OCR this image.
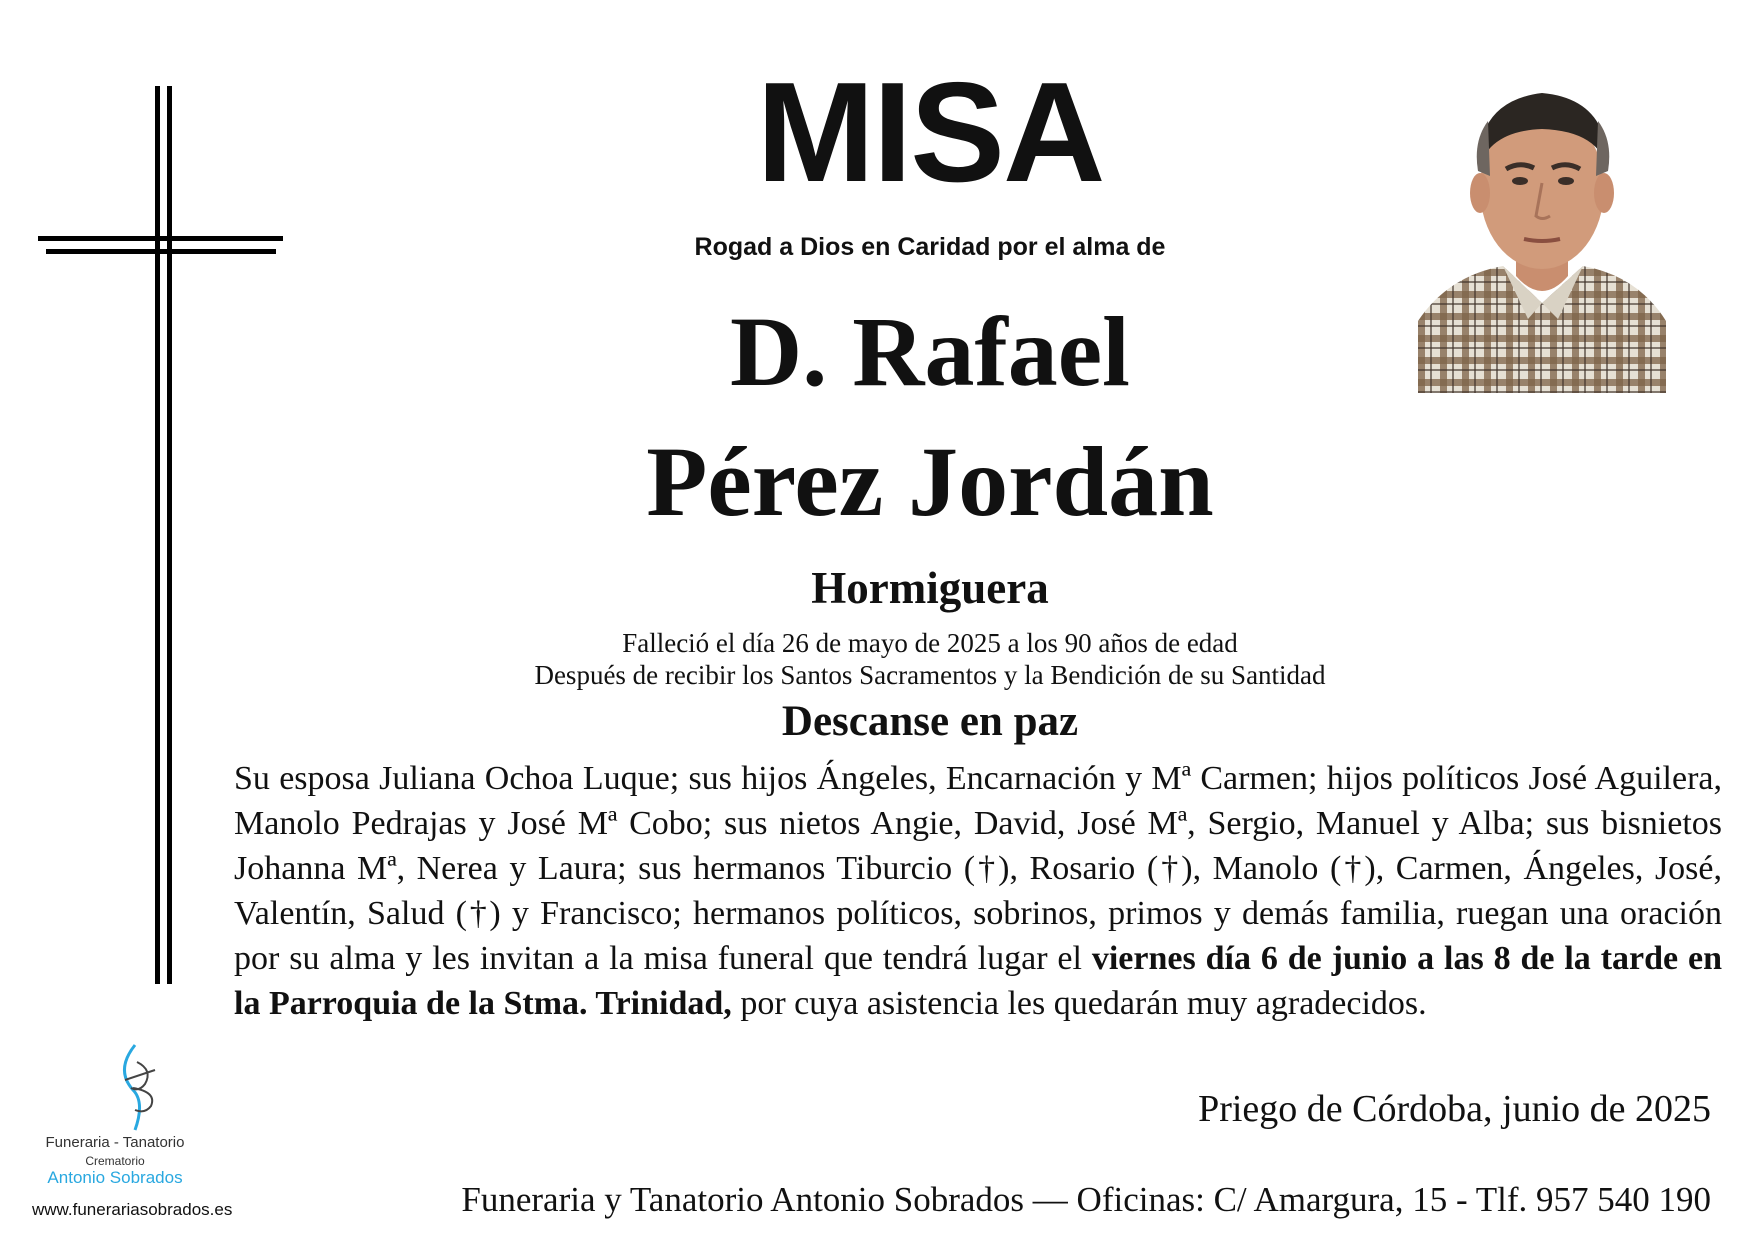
MISA
Rogad a Dios en Caridad por el alma de
D. Rafael
Pérez Jordán
Hormiguera
Falleció el día 26 de mayo de 2025 a los 90 años de edad
Después de recibir los Santos Sacramentos y la Bendición de su Santidad
Descanse en paz
Su esposa Juliana Ochoa Luque; sus hijos Ángeles, Encarnación y Mª Carmen; hijos políticos José Aguilera, Manolo Pedrajas y José Mª Cobo; sus nietos Angie, David, José Mª, Sergio, Manuel y Alba; sus bisnietos Johanna Mª, Nerea y Laura; sus hermanos Tiburcio (†), Rosario (†), Manolo (†), Carmen, Ángeles, José, Valentín, Salud (†) y Francisco; hermanos políticos, sobrinos, primos y demás familia, ruegan una oración por su alma y les invitan a la misa funeral que tendrá lugar el viernes día 6 de junio a las 8 de la tarde en la Parroquia de la Stma. Trinidad, por cuya asistencia les quedarán muy agradecidos.
Priego de Córdoba, junio de 2025
Funeraria y Tanatorio Antonio Sobrados — Oficinas: C/ Amargura, 15 - Tlf. 957 540 190
Funeraria - Tanatorio
Crematorio
Antonio Sobrados
www.funerariasobrados.es
